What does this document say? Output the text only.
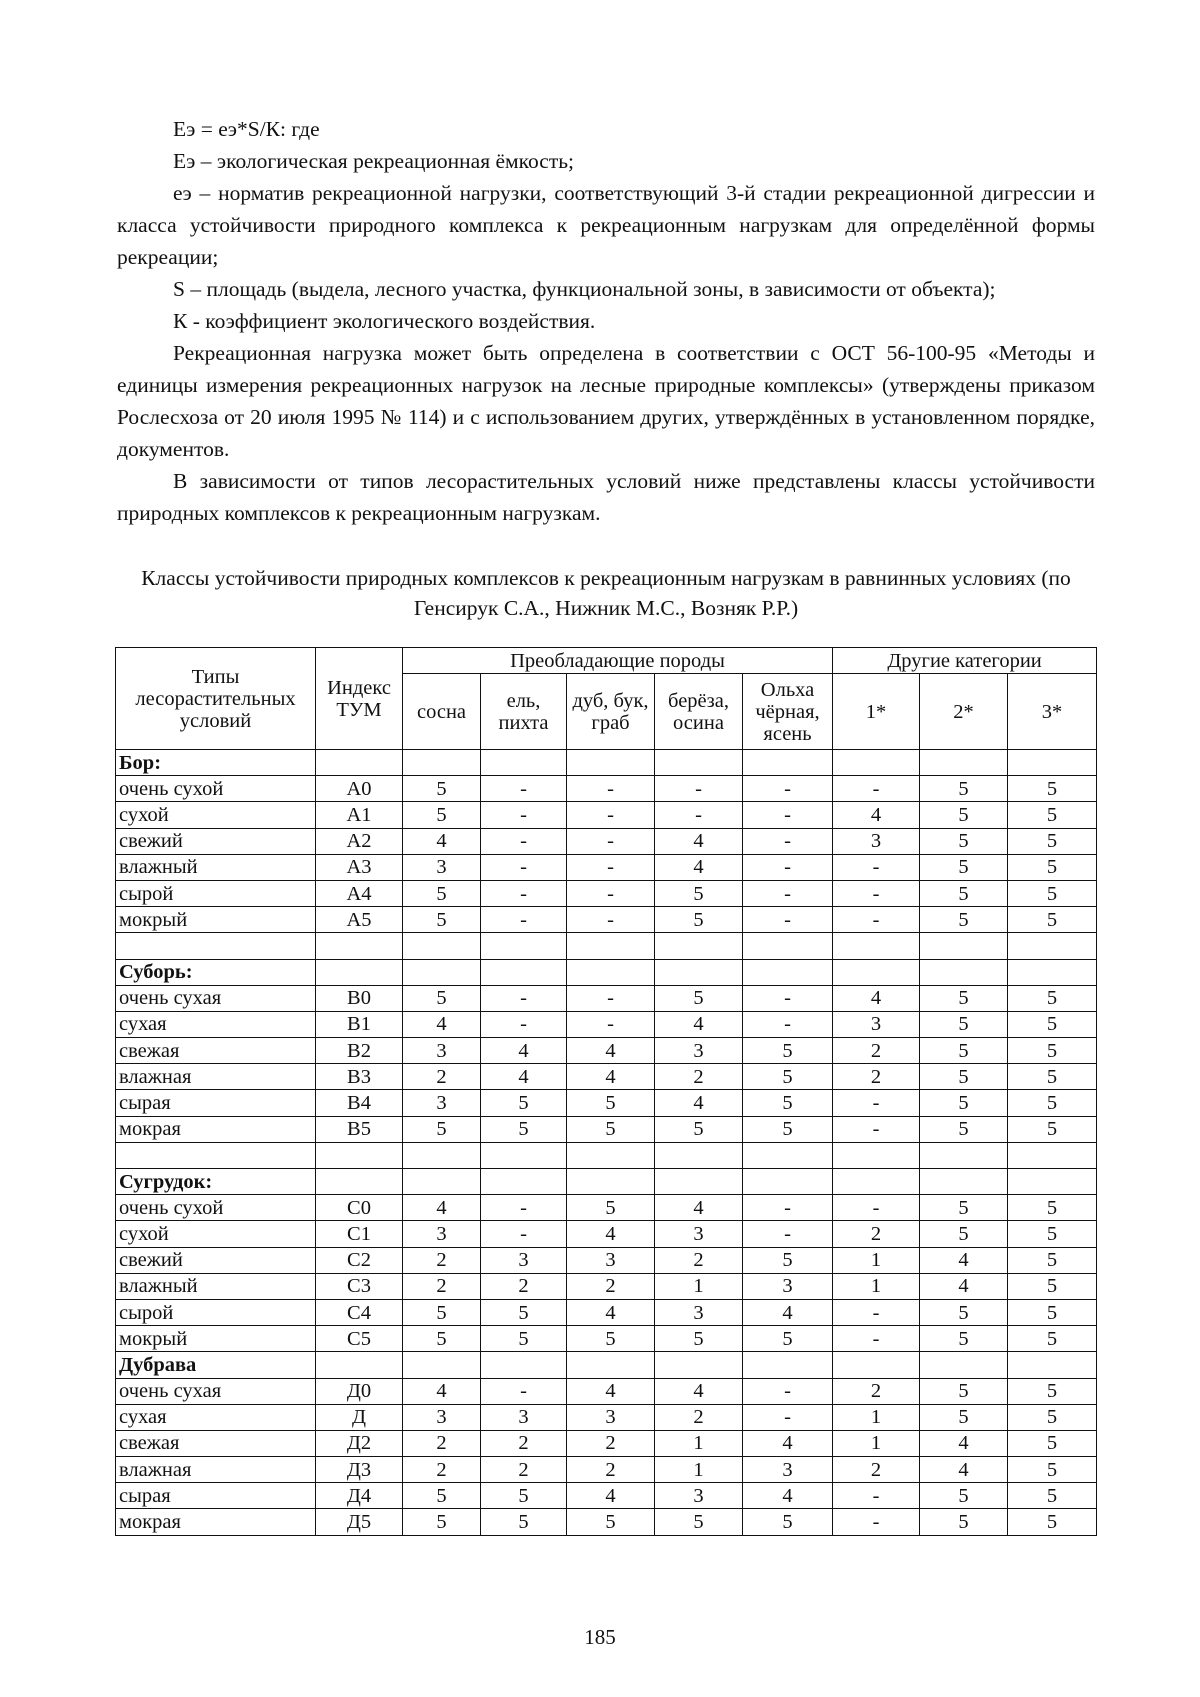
Еэ = еэ*S/К: где

Еэ – экологическая рекреационная ёмкость;

еэ – норматив рекреационной нагрузки, соответствующий 3-й стадии рекреационной дигрессии и класса устойчивости природного комплекса к рекреационным нагрузкам для определённой формы рекреации;

S – площадь (выдела, лесного участка, функциональной зоны, в зависимости от объекта);

К - коэффициент экологического воздействия.

Рекреационная нагрузка может быть определена в соответствии с ОСТ 56-100-95 «Методы и единицы измерения рекреационных нагрузок на лесные природные комплексы» (утверждены приказом Рослесхоза от 20 июля 1995 № 114) и с использованием других, утверждённых в установленном порядке, документов.

В зависимости от типов лесорастительных условий ниже представлены классы устойчивости природных комплексов к рекреационным нагрузкам.

Классы устойчивости природных комплексов к рекреационным нагрузкам в равнинных условиях (по Генсирук С.А., Нижник М.С., Возняк Р.Р.)
Типы лесорастительных условий	Индекс ТУМ	Преобладающие породы					Другие категории		
		сосна	ель, пихта	дуб, бук, граб	берёза, осина	Ольха чёрная, ясень	1*	2*	3*
Бор:									
очень сухой	А0	5	-	-	-	-	-	5	5
сухой	А1	5	-	-	-	-	4	5	5
свежий	А2	4	-	-	4	-	3	5	5
влажный	А3	3	-	-	4	-	-	5	5
сырой	А4	5	-	-	5	-	-	5	5
мокрый	А5	5	-	-	5	-	-	5	5

Суборь:									
очень сухая	В0	5	-	-	5	-	4	5	5
сухая	В1	4	-	-	4	-	3	5	5
свежая	В2	3	4	4	3	5	2	5	5
влажная	В3	2	4	4	2	5	2	5	5
сырая	В4	3	5	5	4	5	-	5	5
мокрая	В5	5	5	5	5	5	-	5	5

Сугрудок:									
очень сухой	С0	4	-	5	4	-	-	5	5
сухой	С1	3	-	4	3	-	2	5	5
свежий	С2	2	3	3	2	5	1	4	5
влажный	С3	2	2	2	1	3	1	4	5
сырой	С4	5	5	4	3	4	-	5	5
мокрый	С5	5	5	5	5	5	-	5	5
Дубрава									
очень сухая	Д0	4	-	4	4	-	2	5	5
сухая	Д	3	3	3	2	-	1	5	5
свежая	Д2	2	2	2	1	4	1	4	5
влажная	Д3	2	2	2	1	3	2	4	5
сырая	Д4	5	5	4	3	4	-	5	5
мокрая	Д5	5	5	5	5	5	-	5	5
185
